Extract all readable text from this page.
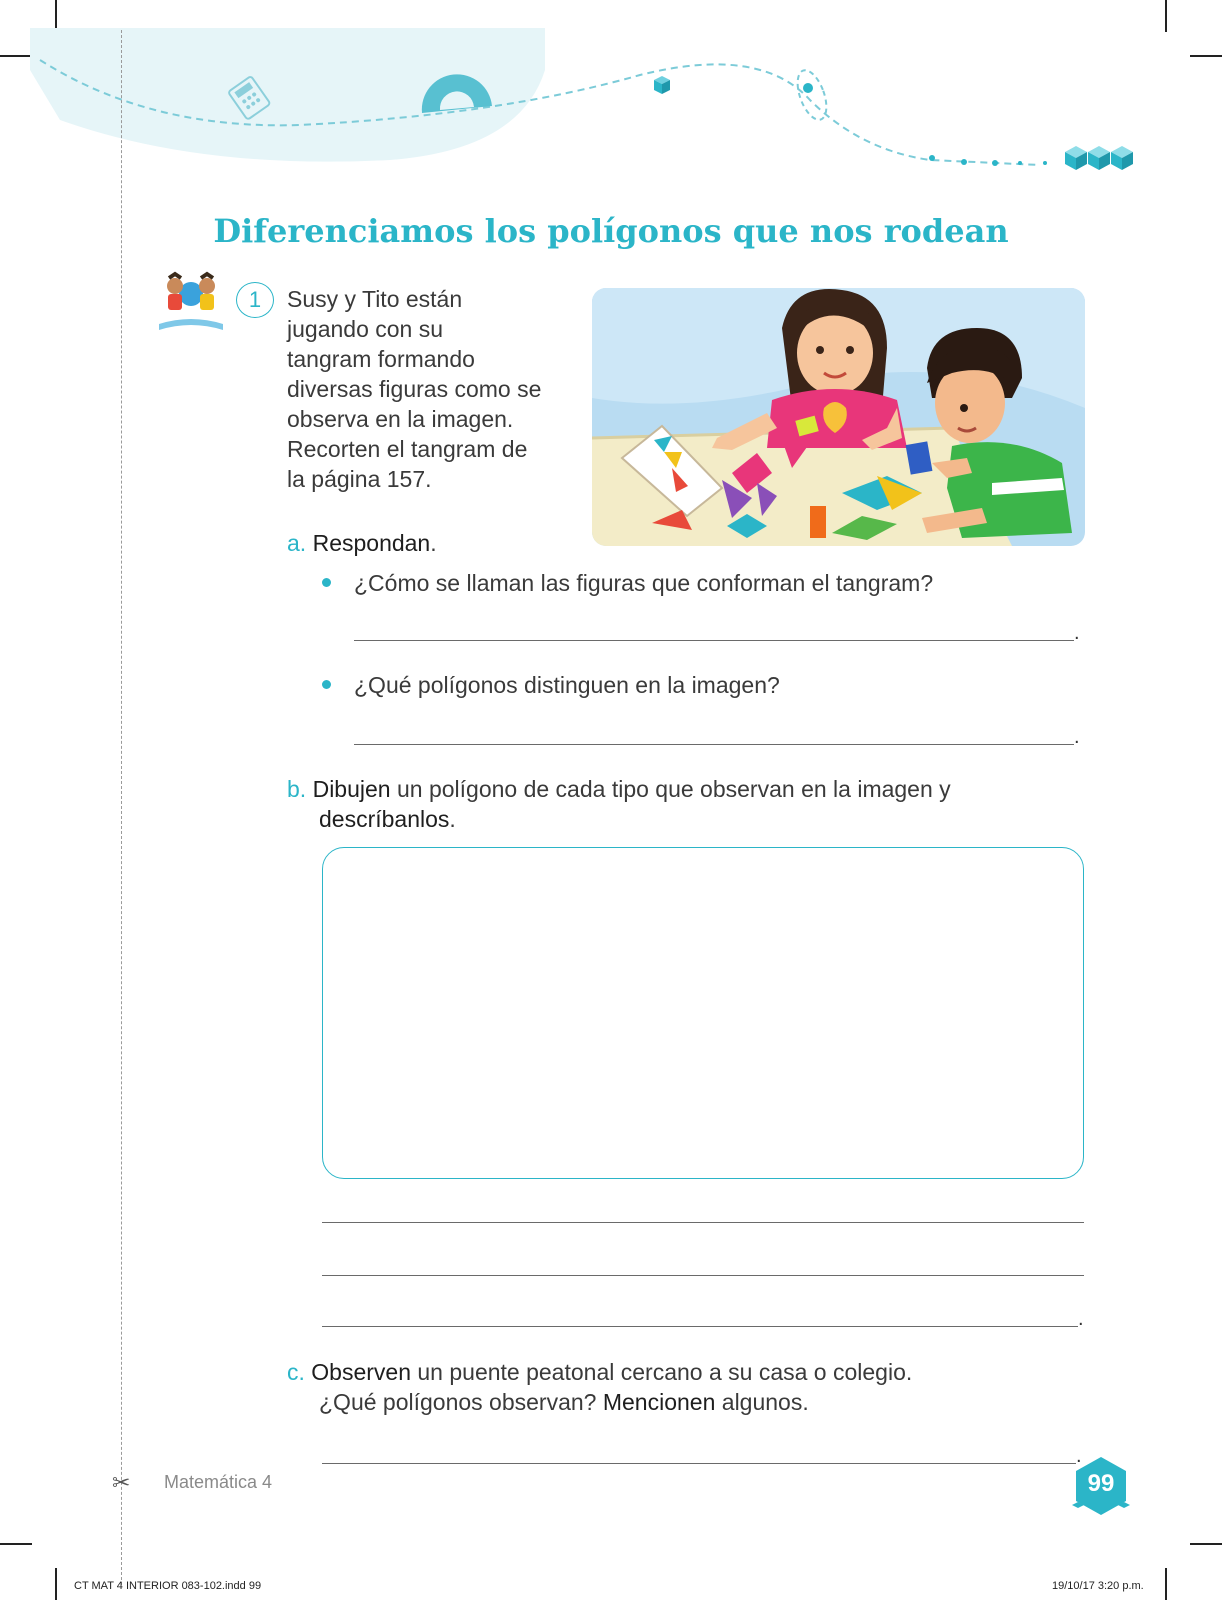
Diferenciamos los polígonos que nos rodean
1	Susy y Tito están
jugando con su
tangram formando
diversas figuras como se
observa en la imagen.
Recorten el tangram de
la página 157.
a. Respondan.
¿Cómo se llaman las figuras que conforman el tangram?
.
¿Qué polígonos distinguen en la imagen?
.
b. Dibujen un polígono de cada tipo que observan en la imagen y
descríbanlos.
.
c. Observen un puente peatonal cercano a su casa o colegio.
¿Qué polígonos observan? Mencionen algunos.
.
✂ Matemática 4	99
CT MAT 4 INTERIOR 083-102.indd 99	19/10/17 3:20 p.m.
